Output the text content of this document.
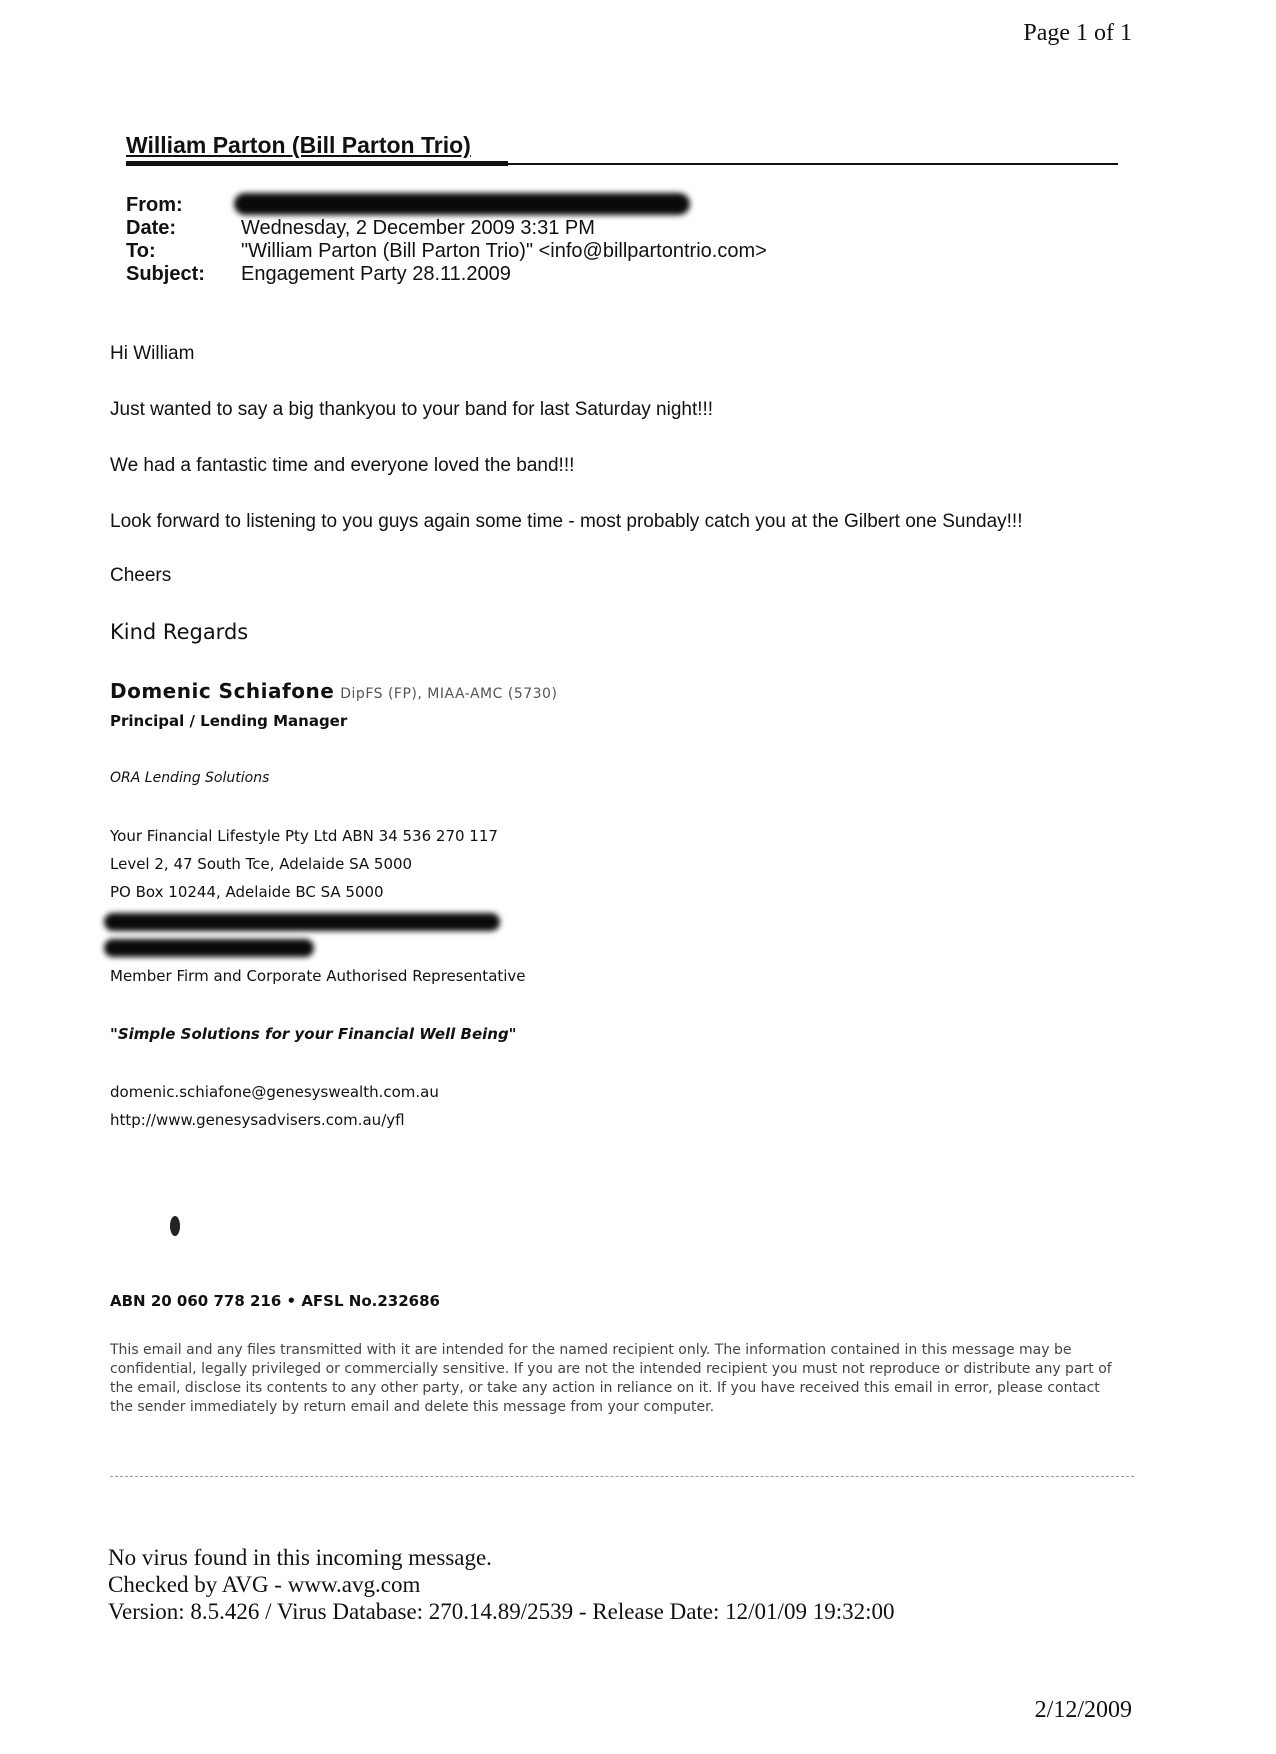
Page 1 of 1
William Parton (Bill Parton Trio)
From:
Date:	Wednesday, 2 December 2009 3:31 PM
To:	"William Parton (Bill Parton Trio)" <info@billpartontrio.com>
Subject: Engagement Party 28.11.2009
Hi William
Just wanted to say a big thankyou to your band for last Saturday night!!!
We had a fantastic time and everyone loved the band!!!
Look forward to listening to you guys again some time - most probably catch you at the Gilbert one Sunday!!!
Cheers
Kind Regards
Domenic Schiafone DipFS (FP), MIAA-AMC (5730)
Principal / Lending Manager
ORA Lending Solutions
Your Financial Lifestyle Pty Ltd ABN 34 536 270 117
Level 2, 47 South Tce, Adelaide SA 5000
PO Box 10244, Adelaide BC SA 5000
Member Firm and Corporate Authorised Representative
"Simple Solutions for your Financial Well Being"
domenic.schiafone@genesyswealth.com.au
http://www.genesysadvisers.com.au/yfl
ABN 20 060 778 216 • AFSL No.232686
This email and any files transmitted with it are intended for the named recipient only. The information contained in this message may be confidential, legally privileged or commercially sensitive. If you are not the intended recipient you must not reproduce or distribute any part of the email, disclose its contents to any other party, or take any action in reliance on it. If you have received this email in error, please contact the sender immediately by return email and delete this message from your computer.
No virus found in this incoming message.
Checked by AVG - www.avg.com
Version: 8.5.426 / Virus Database: 270.14.89/2539 - Release Date: 12/01/09 19:32:00
2/12/2009
